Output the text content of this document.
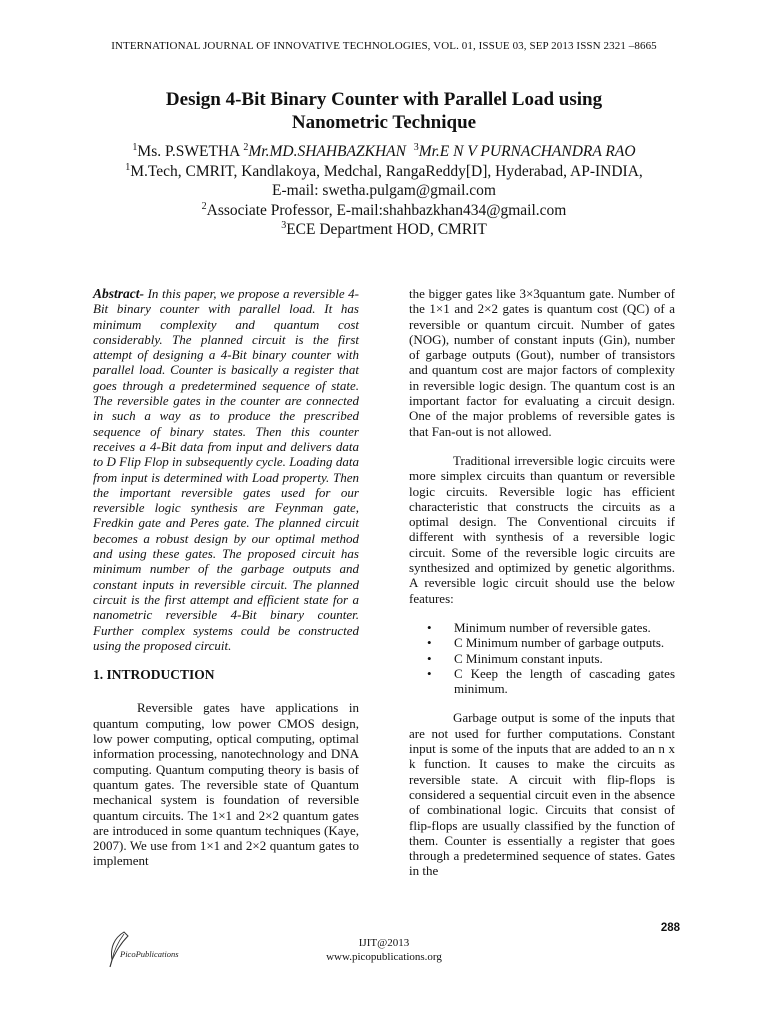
INTERNATIONAL JOURNAL OF INNOVATIVE TECHNOLOGIES, VOL. 01, ISSUE 03, SEP 2013 ISSN 2321 –8665
Design 4-Bit Binary Counter with Parallel Load using
Nanometric Technique
$^1$Ms. P.SWETHA $^2$Mr.MD.SHAHBAZKHAN $^3$Mr.E N V PURNACHANDRA RAO
$^1$M.Tech, CMRIT, Kandlakoya, Medchal, RangaReddy[D], Hyderabad, AP-INDIA,
E-mail: swetha.pulgam@gmail.com
$^2$Associate Professor, E-mail:shahbazkhan434@gmail.com
$^3$ECE Department HOD, CMRIT

Abstract- In this paper, we propose a reversible 4-Bit binary counter with parallel load. It has minimum complexity and quantum cost considerably. The planned circuit is the first attempt of designing a 4-Bit binary counter with parallel load. Counter is basically a register that goes through a predetermined sequence of state. The reversible gates in the counter are connected in such a way as to produce the prescribed sequence of binary states. Then this counter receives a 4-Bit data from input and delivers data to D Flip Flop in subsequently cycle. Loading data from input is determined with Load property. Then the important reversible gates used for our reversible logic synthesis are Feynman gate, Fredkin gate and Peres gate. The planned circuit becomes a robust design by our optimal method and using these gates. The proposed circuit has minimum number of the garbage outputs and constant inputs in reversible circuit. The planned circuit is the first attempt and efficient state for a nanometric reversible 4-Bit binary counter. Further complex systems could be constructed using the proposed circuit.

1. INTRODUCTION

Reversible gates have applications in quantum computing, low power CMOS design, low power computing, optical computing, optimal information processing, nanotechnology and DNA computing. Quantum computing theory is basis of quantum gates. The reversible state of Quantum mechanical system is foundation of reversible quantum circuits. The 1×1 and 2×2 quantum gates are introduced in some quantum techniques (Kaye, 2007). We use from 1×1 and 2×2 quantum gates to implement

the bigger gates like 3×3quantum gate. Number of the 1×1 and 2×2 gates is quantum cost (QC) of a reversible or quantum circuit. Number of gates (NOG), number of constant inputs (Gin), number of garbage outputs (Gout), number of transistors and quantum cost are major factors of complexity in reversible logic design. The quantum cost is an important factor for evaluating a circuit design. One of the major problems of reversible gates is that Fan-out is not allowed.

Traditional irreversible logic circuits were more simplex circuits than quantum or reversible logic circuits. Reversible logic has efficient characteristic that constructs the circuits as a optimal design. The Conventional circuits if different with synthesis of a reversible logic circuit. Some of the reversible logic circuits are synthesized and optimized by genetic algorithms. A reversible logic circuit should use the below features:

• Minimum number of reversible gates.
• C Minimum number of garbage outputs.
• C Minimum constant inputs.
• C Keep the length of cascading gates minimum.

Garbage output is some of the inputs that are not used for further computations. Constant input is some of the inputs that are added to an n x k function. It causes to make the circuits as reversible state. A circuit with flip-flops is considered a sequential circuit even in the absence of combinational logic. Circuits that consist of flip-flops are usually classified by the function of them. Counter is essentially a register that goes through a predetermined sequence of states. Gates in the

288
PicoPublications
IJIT@2013
www.picopublications.org
